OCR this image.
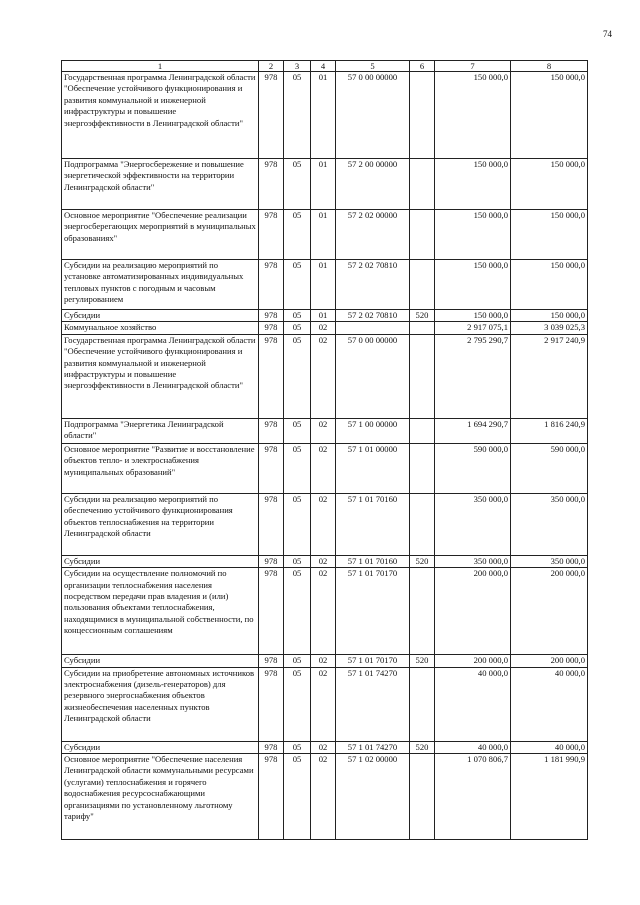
74
1	2	3	4	5	6	7	8
Государственная программа Ленинградской области "Обеспечение устойчивого функционирования и развития коммунальной и инженерной инфраструктуры и повышение энергоэффективности в Ленинградской области"	978	05	01	57 0 00 00000		150 000,0	150 000,0
Подпрограмма "Энергосбережение и повышение энергетической эффективности на территории Ленинградской области"	978	05	01	57 2 00 00000		150 000,0	150 000,0
Основное мероприятие "Обеспечение реализации энергосберегающих мероприятий в муниципальных образованиях"	978	05	01	57 2 02 00000		150 000,0	150 000,0
Субсидии на реализацию мероприятий по установке автоматизированных индивидуальных тепловых пунктов с погодным и часовым регулированием	978	05	01	57 2 02 70810		150 000,0	150 000,0
Субсидии	978	05	01	57 2 02 70810	520	150 000,0	150 000,0
Коммунальное хозяйство	978	05	02			2 917 075,1	3 039 025,3
Государственная программа Ленинградской области "Обеспечение устойчивого функционирования и развития коммунальной и инженерной инфраструктуры и повышение энергоэффективности в Ленинградской области"	978	05	02	57 0 00 00000		2 795 290,7	2 917 240,9
Подпрограмма "Энергетика Ленинградской области"	978	05	02	57 1 00 00000		1 694 290,7	1 816 240,9
Основное мероприятие "Развитие и восстановление объектов тепло- и электроснабжения муниципальных образований"	978	05	02	57 1 01 00000		590 000,0	590 000,0
Субсидии на реализацию мероприятий по обеспечению устойчивого функционирования объектов теплоснабжения на территории Ленинградской области	978	05	02	57 1 01 70160		350 000,0	350 000,0
Субсидии	978	05	02	57 1 01 70160	520	350 000,0	350 000,0
Субсидии на осуществление полномочий по организации теплоснабжения населения посредством передачи прав владения и (или) пользования объектами теплоснабжения, находящимися в муниципальной собственности, по концессионным соглашениям	978	05	02	57 1 01 70170		200 000,0	200 000,0
Субсидии	978	05	02	57 1 01 70170	520	200 000,0	200 000,0
Субсидии на приобретение автономных источников электроснабжения (дизель-генераторов) для резервного энергоснабжения объектов жизнеобеспечения населенных пунктов Ленинградской области	978	05	02	57 1 01 74270		40 000,0	40 000,0
Субсидии	978	05	02	57 1 01 74270	520	40 000,0	40 000,0
Основное мероприятие "Обеспечение населения Ленинградской области коммунальными ресурсами (услугами) теплоснабжения и горячего водоснабжения ресурсоснабжающими организациями по установленному льготному тарифу"	978	05	02	57 1 02 00000		1 070 806,7	1 181 990,9
